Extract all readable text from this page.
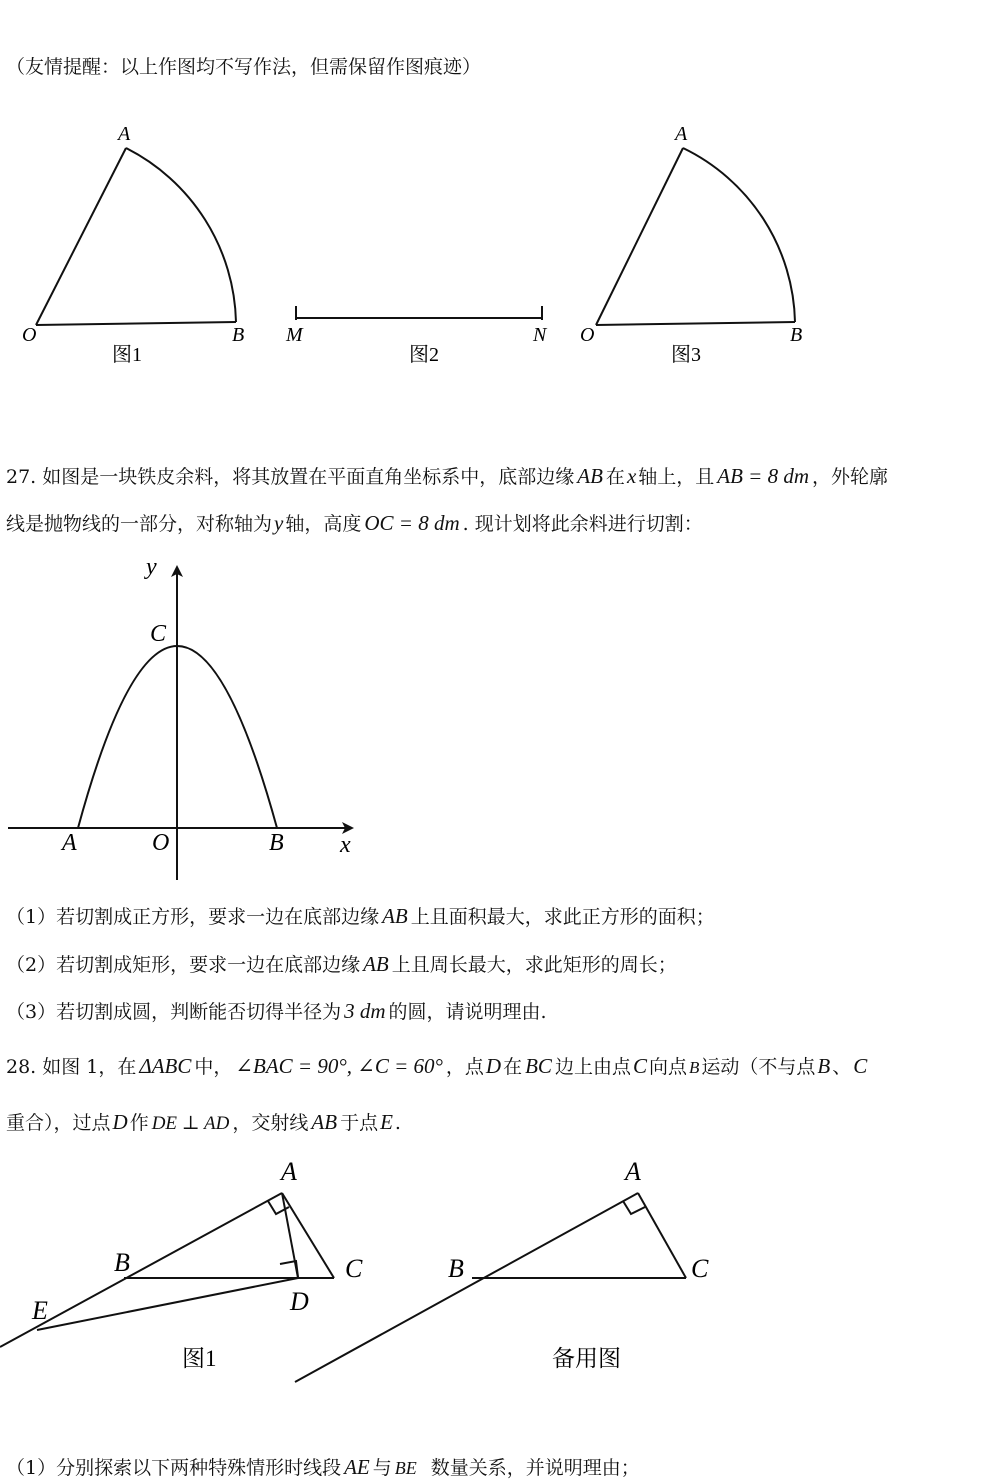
（友情提醒：以上作图均不写作法，但需保留作图痕迹）
A
O	B
图1
M	N
图2
A
O	B
图3
27. 如图是一块铁皮余料，将其放置在平面直角坐标系中，底部边缘 AB 在x 轴上，且 AB = 8 dm ，外轮廓
线是抛物线的一部分，对称轴为y 轴，高度 OC = 8 dm . 现计划将此余料进行切割：
y
C
A	O	B x
（1）若切割成正方形，要求一边在底部边缘 AB 上且面积最大，求此正方形的面积；
（2）若切割成矩形，要求一边在底部边缘 AB 上且周长最大，求此矩形的周长；
（3）若切割成圆，判断能否切得半径为 3 dm 的圆，请说明理由.
28. 如图 1，在 ΔABC 中， ∠BAC = 90°, ∠C = 60° ，点D 在 BC 边上由点C 向点 B 运动（不与点B 、C
重合），过点D 作 DE ⊥ AD ，交射线 AB 于点E .
A
B	C
D
E
图1
A
B	C
备用图
（1）分别探索以下两种特殊情形时线段 AE 与 BE 数量关系，并说明理由；
